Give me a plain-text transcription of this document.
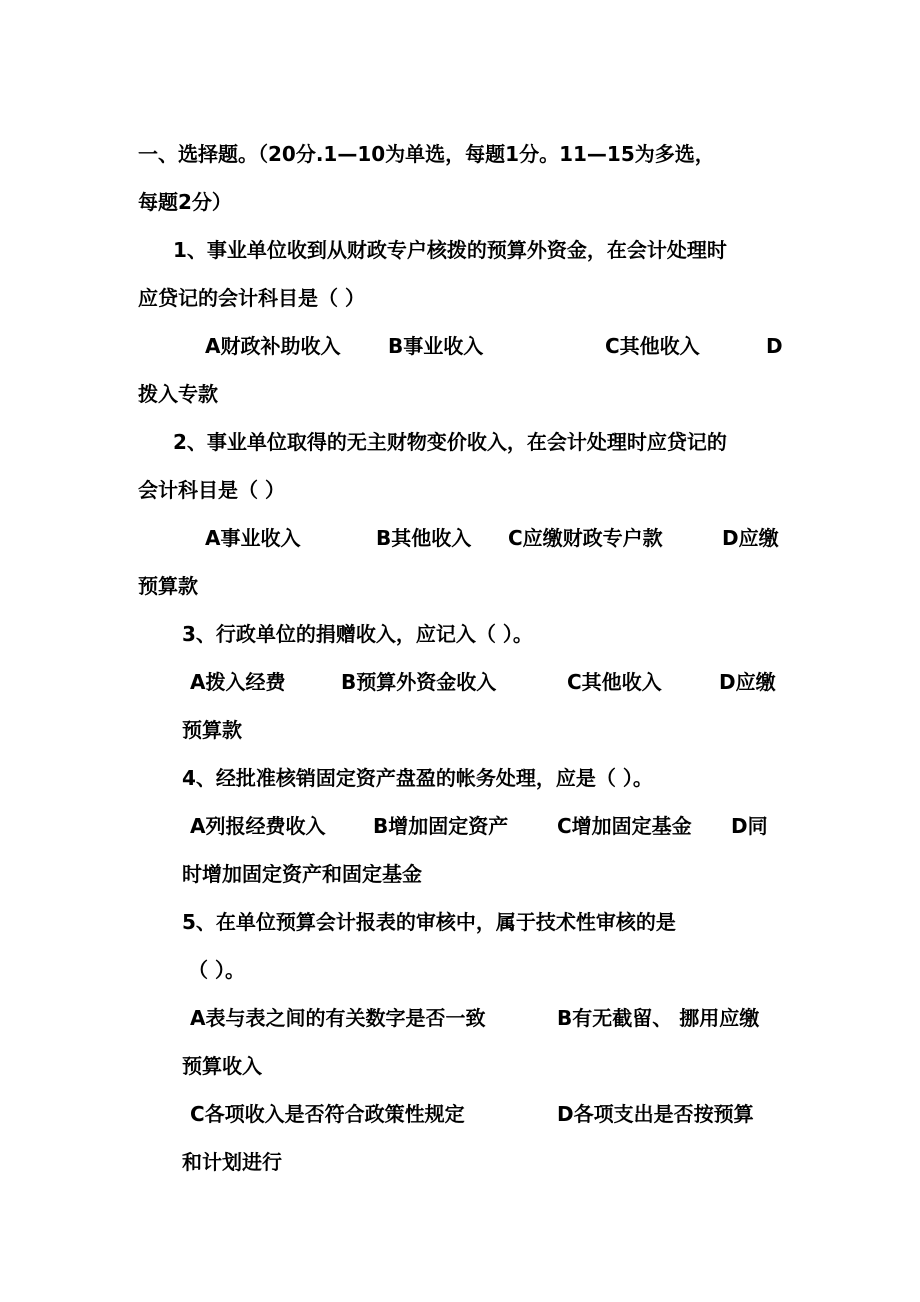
一、选择题。（20分.1—10为单选，每题1分。11—15为多选，
每题2分）
1、事业单位收到从财政专户核拨的预算外资金，在会计处理时
应贷记的会计科目是（ ）
A财政补助收入 B事业收入	C其他收入	D
拨入专款
2、事业单位取得的无主财物变价收入，在会计处理时应贷记的
会计科目是（ ）
A事业收入	B其他收入 C应缴财政专户款	D应缴
预算款
3、行政单位的捐赠收入，应记入（ ）。
A拨入经费	B预算外资金收入	C其他收入	D应缴
预算款
4、经批准核销固定资产盘盈的帐务处理，应是（ ）。
A列报经费收入 B增加固定资产 C增加固定基金 D同
时增加固定资产和固定基金
5、在单位预算会计报表的审核中，属于技术性审核的是
（ ）。
A表与表之间的有关数字是否一致	B有无截留、 挪用应缴
预算收入
C各项收入是否符合政策性规定	D各项支出是否按预算
和计划进行
